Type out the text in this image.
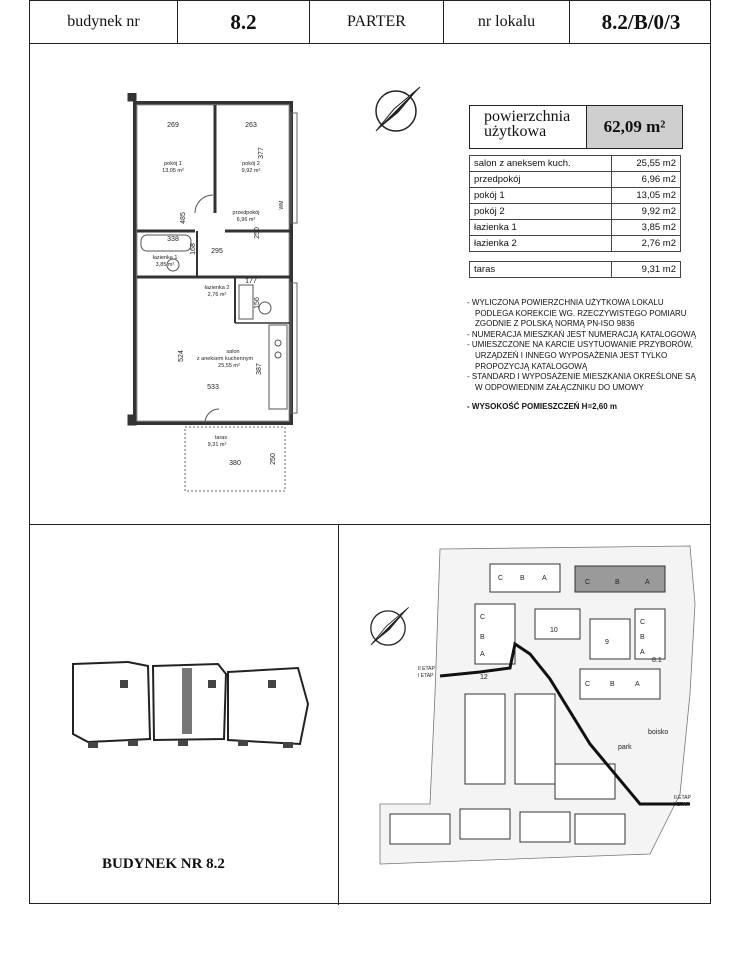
budynek nr	8.2	PARTER	nr lokalu	8.2/B/0/3
pokój 1
13,05 m²
pokój 2
9,92 m²
przedpokój
6,96 m²
łazienka 1
3,85 m²
łazienka 2
2,76 m²
salon
z aneksem kuchennym
25,55 m²
taras
9,31 m²
269	263
485
377
250
338
168 295
177
156
524
387
533
380	250
WM
powierzchnia użytkowa	62,09 m²
salon z aneksem kuch.	25,55 m2
przedpokój	6,96 m2
pokój 1	13,05 m2
pokój 2	9,92 m2
łazienka 1	3,85 m2
łazienka 2	2,76 m2
taras	9,31 m2
- WYLICZONA POWIERZCHNIA UŻYTKOWA LOKALU PODLEGA KOREKCIE WG. RZECZYWISTEGO POMIARU ZGODNIE Z POLSKĄ NORMĄ PN-ISO 9836
- NUMERACJA MIESZKAŃ JEST NUMERACJĄ KATALOGOWĄ
- UMIESZCZONE NA KARCIE USYTUOWANIE PRZYBORÓW, URZĄDZEŃ I INNEGO WYPOSAŻENIA JEST TYLKO PROPOZYCJĄ KATALOGOWĄ
- STANDARD I WYPOSAŻENIE MIESZKANIA OKREŚLONE SĄ W ODPOWIEDNIM ZAŁĄCZNIKU DO UMOWY
- WYSOKOŚĆ POMIESZCZEŃ H=2,60 m
BUDYNEK NR 8.2
C B A
C	B	A
C
B
A
C
B
A
10
9
8.1
12
C	B	A
park
boisko
II ETAP
I ETAP
II ETAP
I ETAP
